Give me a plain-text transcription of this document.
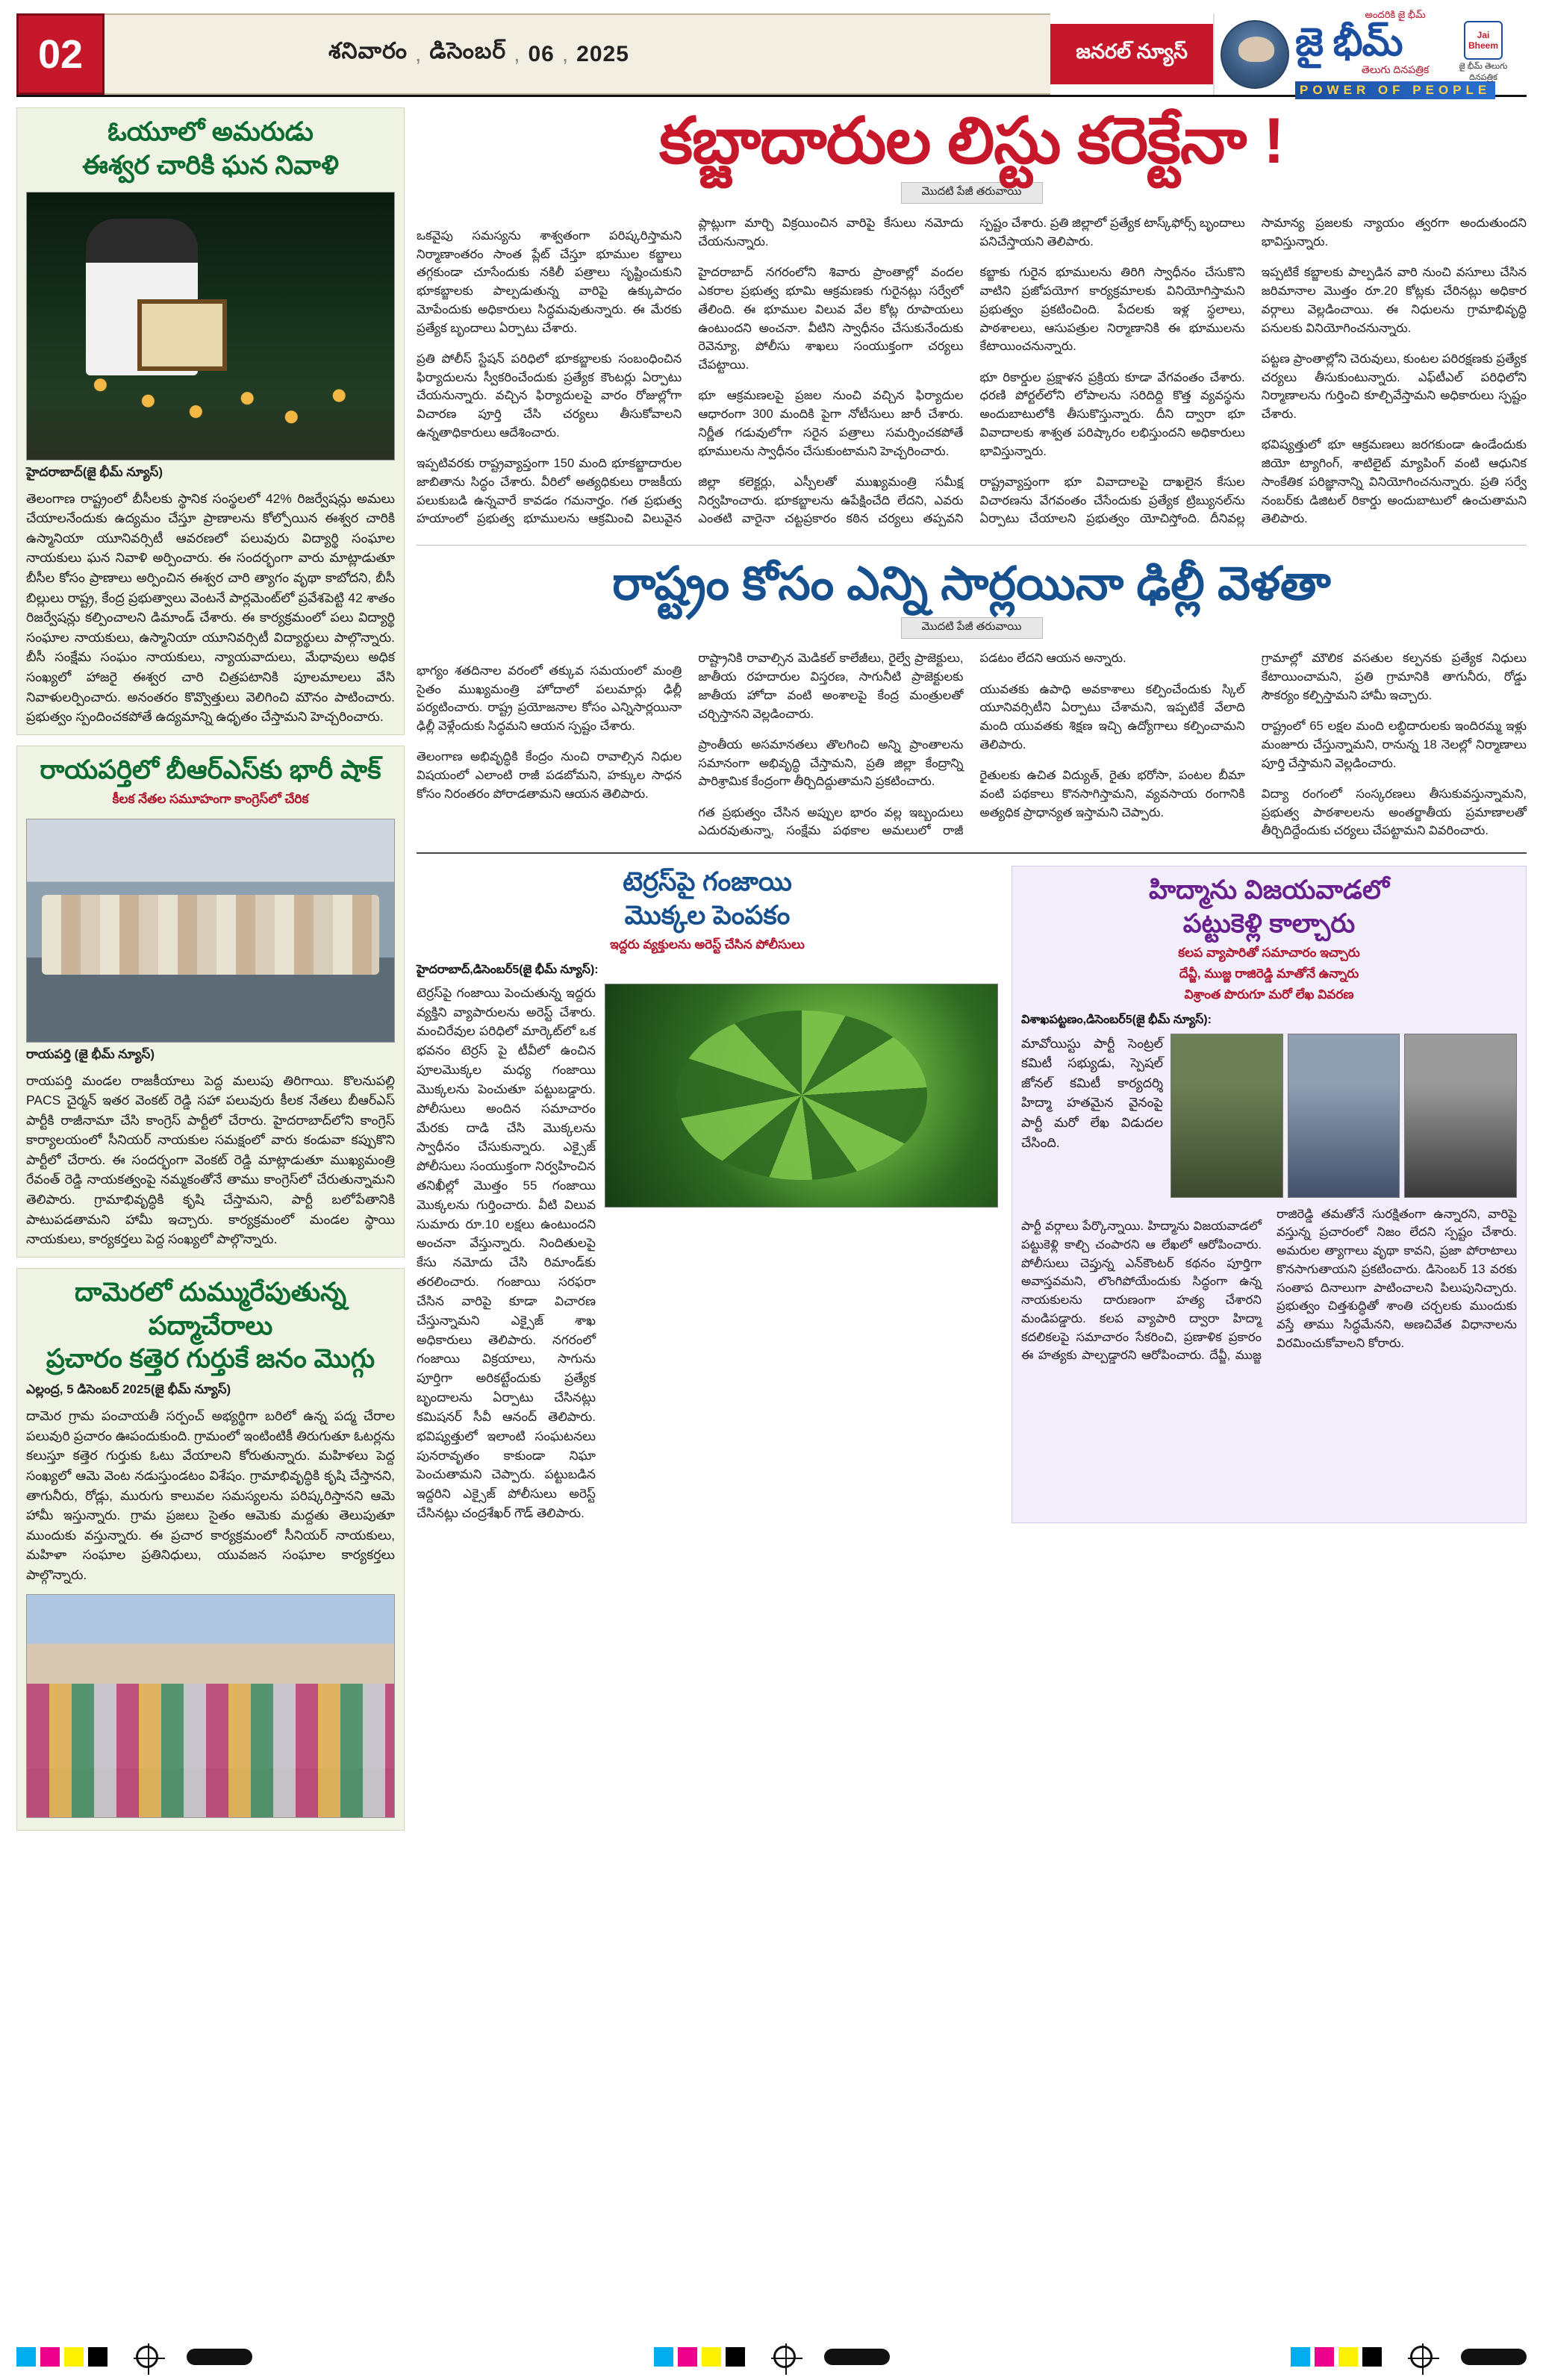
02	శనివారం , డిసెంబర్ , 06 , 2025	జనరల్ న్యూస్
అందరికి జై భీమ్
జై భీమ్
తెలుగు దినపత్రిక
POWER OF PEOPLE
Jai Bheem
జై భీమ్ తెలుగు దినపత్రిక
ఓయూలో అమరుడు
ఈశ్వర చారికి ఘన నివాళి
హైదరాబాద్(జై భీమ్ న్యూస్)
తెలంగాణ రాష్ట్రంలో బీసీలకు స్థానిక సంస్థలలో 42% రిజర్వేషన్లు అమలు చేయాలనేందుకు ఉద్యమం చేస్తూ ప్రాణాలను కోల్పోయిన ఈశ్వర చారికి ఉస్మానియా యూనివర్సిటీ ఆవరణలో పలువురు విద్యార్థి సంఘాల నాయకులు ఘన నివాళి అర్పించారు. ఈ సందర్భంగా వారు మాట్లాడుతూ బీసీల కోసం ప్రాణాలు అర్పించిన ఈశ్వర చారి త్యాగం వృథా కాబోదని, బీసీ బిల్లులు రాష్ట్ర, కేంద్ర ప్రభుత్వాలు వెంటనే పార్లమెంట్‌లో ప్రవేశపెట్టి 42 శాతం రిజర్వేషన్లు కల్పించాలని డిమాండ్ చేశారు. ఈ కార్యక్రమంలో పలు విద్యార్థి సంఘాల నాయకులు, ఉస్మానియా యూనివర్సిటీ విద్యార్థులు పాల్గొన్నారు. బీసీ సంక్షేమ సంఘం నాయకులు, న్యాయవాదులు, మేధావులు అధిక సంఖ్యలో హాజరై ఈశ్వర చారి చిత్రపటానికి పూలమాలలు వేసి నివాళులర్పించారు. అనంతరం కొవ్వొత్తులు వెలిగించి మౌనం పాటించారు. ప్రభుత్వం స్పందించకపోతే ఉద్యమాన్ని ఉధృతం చేస్తామని హెచ్చరించారు.
రాయపర్తిలో బీఆర్ఎస్‌కు భారీ షాక్
కీలక నేతల సమూహంగా కాంగ్రెస్‌లో చేరిక
రాయపర్తి (జై భీమ్ న్యూస్)
రాయపర్తి మండల రాజకీయాలు పెద్ద మలుపు తిరిగాయి. కొలనుపల్లి PACS చైర్మన్ ఇతర వెంకట్ రెడ్డి సహా పలువురు కీలక నేతలు బీఆర్ఎస్ పార్టీకి రాజీనామా చేసి కాంగ్రెస్ పార్టీలో చేరారు. హైదరాబాద్‌లోని కాంగ్రెస్ కార్యాలయంలో సీనియర్ నాయకుల సమక్షంలో వారు కండువా కప్పుకొని పార్టీలో చేరారు. ఈ సందర్భంగా వెంకట్ రెడ్డి మాట్లాడుతూ ముఖ్యమంత్రి రేవంత్ రెడ్డి నాయకత్వంపై నమ్మకంతోనే తాము కాంగ్రెస్‌లో చేరుతున్నామని తెలిపారు. గ్రామాభివృద్ధికి కృషి చేస్తామని, పార్టీ బలోపేతానికి పాటుపడతామని హామీ ఇచ్చారు. కార్యక్రమంలో మండల స్థాయి నాయకులు, కార్యకర్తలు పెద్ద సంఖ్యలో పాల్గొన్నారు.
దామెరలో దుమ్మురేపుతున్న పద్మాచేరాలు
ప్రచారం కత్తెర గుర్తుకే జనం మొగ్గు
ఎల్లంద్ర, 5 డిసెంబర్ 2025(జై భీమ్ న్యూస్)
దామెర గ్రామ పంచాయతీ సర్పంచ్ అభ్యర్థిగా బరిలో ఉన్న పద్మ చేరాల పలువురి ప్రచారం ఊపందుకుంది. గ్రామంలో ఇంటింటికీ తిరుగుతూ ఓటర్లను కలుస్తూ కత్తెర గుర్తుకు ఓటు వేయాలని కోరుతున్నారు. మహిళలు పెద్ద సంఖ్యలో ఆమె వెంట నడుస్తుండటం విశేషం. గ్రామాభివృద్ధికి కృషి చేస్తానని, తాగునీరు, రోడ్లు, మురుగు కాలువల సమస్యలను పరిష్కరిస్తానని ఆమె హామీ ఇస్తున్నారు. గ్రామ ప్రజలు సైతం ఆమెకు మద్దతు తెలుపుతూ ముందుకు వస్తున్నారు. ఈ ప్రచార కార్యక్రమంలో సీనియర్ నాయకులు, మహిళా సంఘాల ప్రతినిధులు, యువజన సంఘాల కార్యకర్తలు పాల్గొన్నారు.
కబ్జాదారుల లిస్టు కరెక్టేనా !
మొదటి పేజీ తరువాయి

ఒకవైపు సమస్యను శాశ్వతంగా పరిష్కరిస్తామని నిర్మాణాంతరం సాంత ప్లేట్ చేస్తూ భూముల కబ్జాలు తగ్గకుండా చూసేందుకు నకిలీ పత్రాలు సృష్టించుకుని భూకబ్జాలకు పాల్పడుతున్న వారిపై ఉక్కుపాదం మోపేందుకు అధికారులు సిద్ధమవుతున్నారు. ఈ మేరకు ప్రత్యేక బృందాలు ఏర్పాటు చేశారు.

ప్రతి పోలీస్ స్టేషన్ పరిధిలో భూకబ్జాలకు సంబంధించిన ఫిర్యాదులను స్వీకరించేందుకు ప్రత్యేక కౌంటర్లు ఏర్పాటు చేయనున్నారు. వచ్చిన ఫిర్యాదులపై వారం రోజుల్లోగా విచారణ పూర్తి చేసి చర్యలు తీసుకోవాలని ఉన్నతాధికారులు ఆదేశించారు.

ఇప్పటివరకు రాష్ట్రవ్యాప్తంగా 150 మంది భూకబ్జాదారుల జాబితాను సిద్ధం చేశారు. వీరిలో అత్యధికులు రాజకీయ పలుకుబడి ఉన్నవారే కావడం గమనార్హం. గత ప్రభుత్వ హయాంలో ప్రభుత్వ భూములను ఆక్రమించి విలువైన ప్లాట్లుగా మార్చి విక్రయించిన వారిపై కేసులు నమోదు చేయనున్నారు.

హైదరాబాద్ నగరంలోని శివారు ప్రాంతాల్లో వందల ఎకరాల ప్రభుత్వ భూమి ఆక్రమణకు గురైనట్లు సర్వేలో తేలింది. ఈ భూముల విలువ వేల కోట్ల రూపాయలు ఉంటుందని అంచనా. వీటిని స్వాధీనం చేసుకునేందుకు రెవెన్యూ, పోలీసు శాఖలు సంయుక్తంగా చర్యలు చేపట్టాయి.

భూ ఆక్రమణలపై ప్రజల నుంచి వచ్చిన ఫిర్యాదుల ఆధారంగా 300 మందికి పైగా నోటీసులు జారీ చేశారు. నిర్ణీత గడువులోగా సరైన పత్రాలు సమర్పించకపోతే భూములను స్వాధీనం చేసుకుంటామని హెచ్చరించారు.

జిల్లా కలెక్టర్లు, ఎస్పీలతో ముఖ్యమంత్రి సమీక్ష నిర్వహించారు. భూకబ్జాలను ఉపేక్షించేది లేదని, ఎవరు ఎంతటి వారైనా చట్టప్రకారం కఠిన చర్యలు తప్పవని స్పష్టం చేశారు. ప్రతి జిల్లాలో ప్రత్యేక టాస్క్‌ఫోర్స్ బృందాలు పనిచేస్తాయని తెలిపారు.

కబ్జాకు గురైన భూములను తిరిగి స్వాధీనం చేసుకొని వాటిని ప్రజోపయోగ కార్యక్రమాలకు వినియోగిస్తామని ప్రభుత్వం ప్రకటించింది. పేదలకు ఇళ్ల స్థలాలు, పాఠశాలలు, ఆసుపత్రుల నిర్మాణానికి ఈ భూములను కేటాయించనున్నారు.

భూ రికార్డుల ప్రక్షాళన ప్రక్రియ కూడా వేగవంతం చేశారు. ధరణి పోర్టల్‌లోని లోపాలను సరిదిద్ది కొత్త వ్యవస్థను అందుబాటులోకి తీసుకొస్తున్నారు. దీని ద్వారా భూ వివాదాలకు శాశ్వత పరిష్కారం లభిస్తుందని అధికారులు భావిస్తున్నారు.

రాష్ట్రవ్యాప్తంగా భూ వివాదాలపై దాఖలైన కేసుల విచారణను వేగవంతం చేసేందుకు ప్రత్యేక ట్రిబ్యునల్‌ను ఏర్పాటు చేయాలని ప్రభుత్వం యోచిస్తోంది. దీనివల్ల సామాన్య ప్రజలకు న్యాయం త్వరగా అందుతుందని భావిస్తున్నారు.

ఇప్పటికే కబ్జాలకు పాల్పడిన వారి నుంచి వసూలు చేసిన జరిమానాల మొత్తం రూ.20 కోట్లకు చేరినట్లు అధికార వర్గాలు వెల్లడించాయి. ఈ నిధులను గ్రామాభివృద్ధి పనులకు వినియోగించనున్నారు.

పట్టణ ప్రాంతాల్లోని చెరువులు, కుంటల పరిరక్షణకు ప్రత్యేక చర్యలు తీసుకుంటున్నారు. ఎఫ్‌టీఎల్ పరిధిలోని నిర్మాణాలను గుర్తించి కూల్చివేస్తామని అధికారులు స్పష్టం చేశారు.

భవిష్యత్తులో భూ ఆక్రమణలు జరగకుండా ఉండేందుకు జియో ట్యాగింగ్, శాటిలైట్ మ్యాపింగ్ వంటి ఆధునిక సాంకేతిక పరిజ్ఞానాన్ని వినియోగించనున్నారు. ప్రతి సర్వే నంబర్‌కు డిజిటల్ రికార్డు అందుబాటులో ఉంచుతామని తెలిపారు.

రాష్ట్రం కోసం ఎన్ని సార్లయినా ఢిల్లీ వెళతా
మొదటి పేజీ తరువాయి

భాగ్యం శతదినాల వరంలో తక్కువ సమయంలో మంత్రి సైతం ముఖ్యమంత్రి హోదాలో పలుమార్లు ఢిల్లీ పర్యటించారు. రాష్ట్ర ప్రయోజనాల కోసం ఎన్నిసార్లయినా ఢిల్లీ వెళ్లేందుకు సిద్ధమని ఆయన స్పష్టం చేశారు.

తెలంగాణ అభివృద్ధికి కేంద్రం నుంచి రావాల్సిన నిధుల విషయంలో ఎలాంటి రాజీ పడబోమని, హక్కుల సాధన కోసం నిరంతరం పోరాడతామని ఆయన తెలిపారు.

రాష్ట్రానికి రావాల్సిన మెడికల్ కాలేజీలు, రైల్వే ప్రాజెక్టులు, జాతీయ రహదారుల విస్తరణ, సాగునీటి ప్రాజెక్టులకు జాతీయ హోదా వంటి అంశాలపై కేంద్ర మంత్రులతో చర్చిస్తానని వెల్లడించారు.

ప్రాంతీయ అసమానతలు తొలగించి అన్ని ప్రాంతాలను సమానంగా అభివృద్ధి చేస్తామని, ప్రతి జిల్లా కేంద్రాన్ని పారిశ్రామిక కేంద్రంగా తీర్చిదిద్దుతామని ప్రకటించారు.

గత ప్రభుత్వం చేసిన అప్పుల భారం వల్ల ఇబ్బందులు ఎదురవుతున్నా, సంక్షేమ పథకాల అమలులో రాజీ పడటం లేదని ఆయన అన్నారు.

యువతకు ఉపాధి అవకాశాలు కల్పించేందుకు స్కిల్ యూనివర్సిటీని ఏర్పాటు చేశామని, ఇప్పటికే వేలాది మంది యువతకు శిక్షణ ఇచ్చి ఉద్యోగాలు కల్పించామని తెలిపారు.

రైతులకు ఉచిత విద్యుత్, రైతు భరోసా, పంటల బీమా వంటి పథకాలు కొనసాగిస్తామని, వ్యవసాయ రంగానికి అత్యధిక ప్రాధాన్యత ఇస్తామని చెప్పారు.

గ్రామాల్లో మౌలిక వసతుల కల్పనకు ప్రత్యేక నిధులు కేటాయించామని, ప్రతి గ్రామానికి తాగునీరు, రోడ్డు సౌకర్యం కల్పిస్తామని హామీ ఇచ్చారు.

రాష్ట్రంలో 65 లక్షల మంది లబ్ధిదారులకు ఇందిరమ్మ ఇళ్లు మంజూరు చేస్తున్నామని, రానున్న 18 నెలల్లో నిర్మాణాలు పూర్తి చేస్తామని వెల్లడించారు.

విద్యా రంగంలో సంస్కరణలు తీసుకువస్తున్నామని, ప్రభుత్వ పాఠశాలలను అంతర్జాతీయ ప్రమాణాలతో తీర్చిదిద్దేందుకు చర్యలు చేపట్టామని వివరించారు.

టెర్రస్‌పై గంజాయి
మొక్కల పెంపకం
ఇద్దరు వ్యక్తులను అరెస్ట్ చేసిన పోలీసులు
హైదరాబాద్,డిసెంబర్5(జై భీమ్ న్యూస్):
టెర్రస్‌పై గంజాయి పెంచుతున్న ఇద్దరు వ్యక్తిని వ్యాపారులను అరెస్ట్ చేశారు. మంచిరేవుల పరిధిలో మార్కెట్‌లో ఒక భవనం టెర్రస్ పై టీవీలో ఉంచిన పూలమొక్కల మధ్య గంజాయి మొక్కలను పెంచుతూ పట్టుబడ్డారు. పోలీసులు అందిన సమాచారం మేరకు దాడి చేసి మొక్కలను స్వాధీనం చేసుకున్నారు. ఎక్సైజ్ పోలీసులు సంయుక్తంగా నిర్వహించిన తనిఖీల్లో మొత్తం 55 గంజాయి మొక్కలను గుర్తించారు. వీటి విలువ సుమారు రూ.10 లక్షలు ఉంటుందని అంచనా వేస్తున్నారు. నిందితులపై కేసు నమోదు చేసి రిమాండ్‌కు తరలించారు. గంజాయి సరఫరా చేసిన వారిపై కూడా విచారణ చేస్తున్నామని ఎక్సైజ్ శాఖ అధికారులు తెలిపారు. నగరంలో గంజాయి విక్రయాలు, సాగును పూర్తిగా అరికట్టేందుకు ప్రత్యేక బృందాలను ఏర్పాటు చేసినట్లు కమిషనర్ సీవీ ఆనంద్ తెలిపారు. భవిష్యత్తులో ఇలాంటి సంఘటనలు పునరావృతం కాకుండా నిఘా పెంచుతామని చెప్పారు. పట్టుబడిన ఇద్దరిని ఎక్సైజ్ పోలీసులు అరెస్ట్ చేసినట్లు చంద్రశేఖర్ గౌడ్ తెలిపారు.
హిద్మాను విజయవాడలో
పట్టుకెళ్లి కాల్చారు
కలప వ్యాపారితో సమాచారం ఇచ్చారు
దేవ్జీ, ముజ్జ రాజిరెడ్డి మాతోనే ఉన్నారు
విశ్రాంత పొరుగూ మరో లేఖ వివరణ
విశాఖపట్టణం,డిసెంబర్5(జై భీమ్ న్యూస్):
మావోయిస్టు పార్టీ సెంట్రల్ కమిటీ సభ్యుడు, స్పెషల్ జోనల్ కమిటీ కార్యదర్శి హిద్మా హతమైన వైనంపై పార్టీ మరో లేఖ విడుదల చేసింది.

పార్టీ వర్గాలు పేర్కొన్నాయి. హిద్మాను విజయవాడలో పట్టుకెళ్లి కాల్చి చంపారని ఆ లేఖలో ఆరోపించారు. పోలీసులు చెప్తున్న ఎన్‌కౌంటర్ కథనం పూర్తిగా అవాస్తవమని, లొంగిపోయేందుకు సిద్ధంగా ఉన్న నాయకులను దారుణంగా హత్య చేశారని మండిపడ్డారు. కలప వ్యాపారి ద్వారా హిద్మా కదలికలపై సమాచారం సేకరించి, ప్రణాళిక ప్రకారం ఈ హత్యకు పాల్పడ్డారని ఆరోపించారు. దేవ్జీ, ముజ్జ రాజిరెడ్డి తమతోనే సురక్షితంగా ఉన్నారని, వారిపై వస్తున్న ప్రచారంలో నిజం లేదని స్పష్టం చేశారు. అమరుల త్యాగాలు వృథా కావని, ప్రజా పోరాటాలు కొనసాగుతాయని ప్రకటించారు. డిసెంబర్ 13 వరకు సంతాప దినాలుగా పాటించాలని పిలుపునిచ్చారు. ప్రభుత్వం చిత్తశుద్ధితో శాంతి చర్చలకు ముందుకు వస్తే తాము సిద్ధమేనని, అణచివేత విధానాలను విరమించుకోవాలని కోరారు.
